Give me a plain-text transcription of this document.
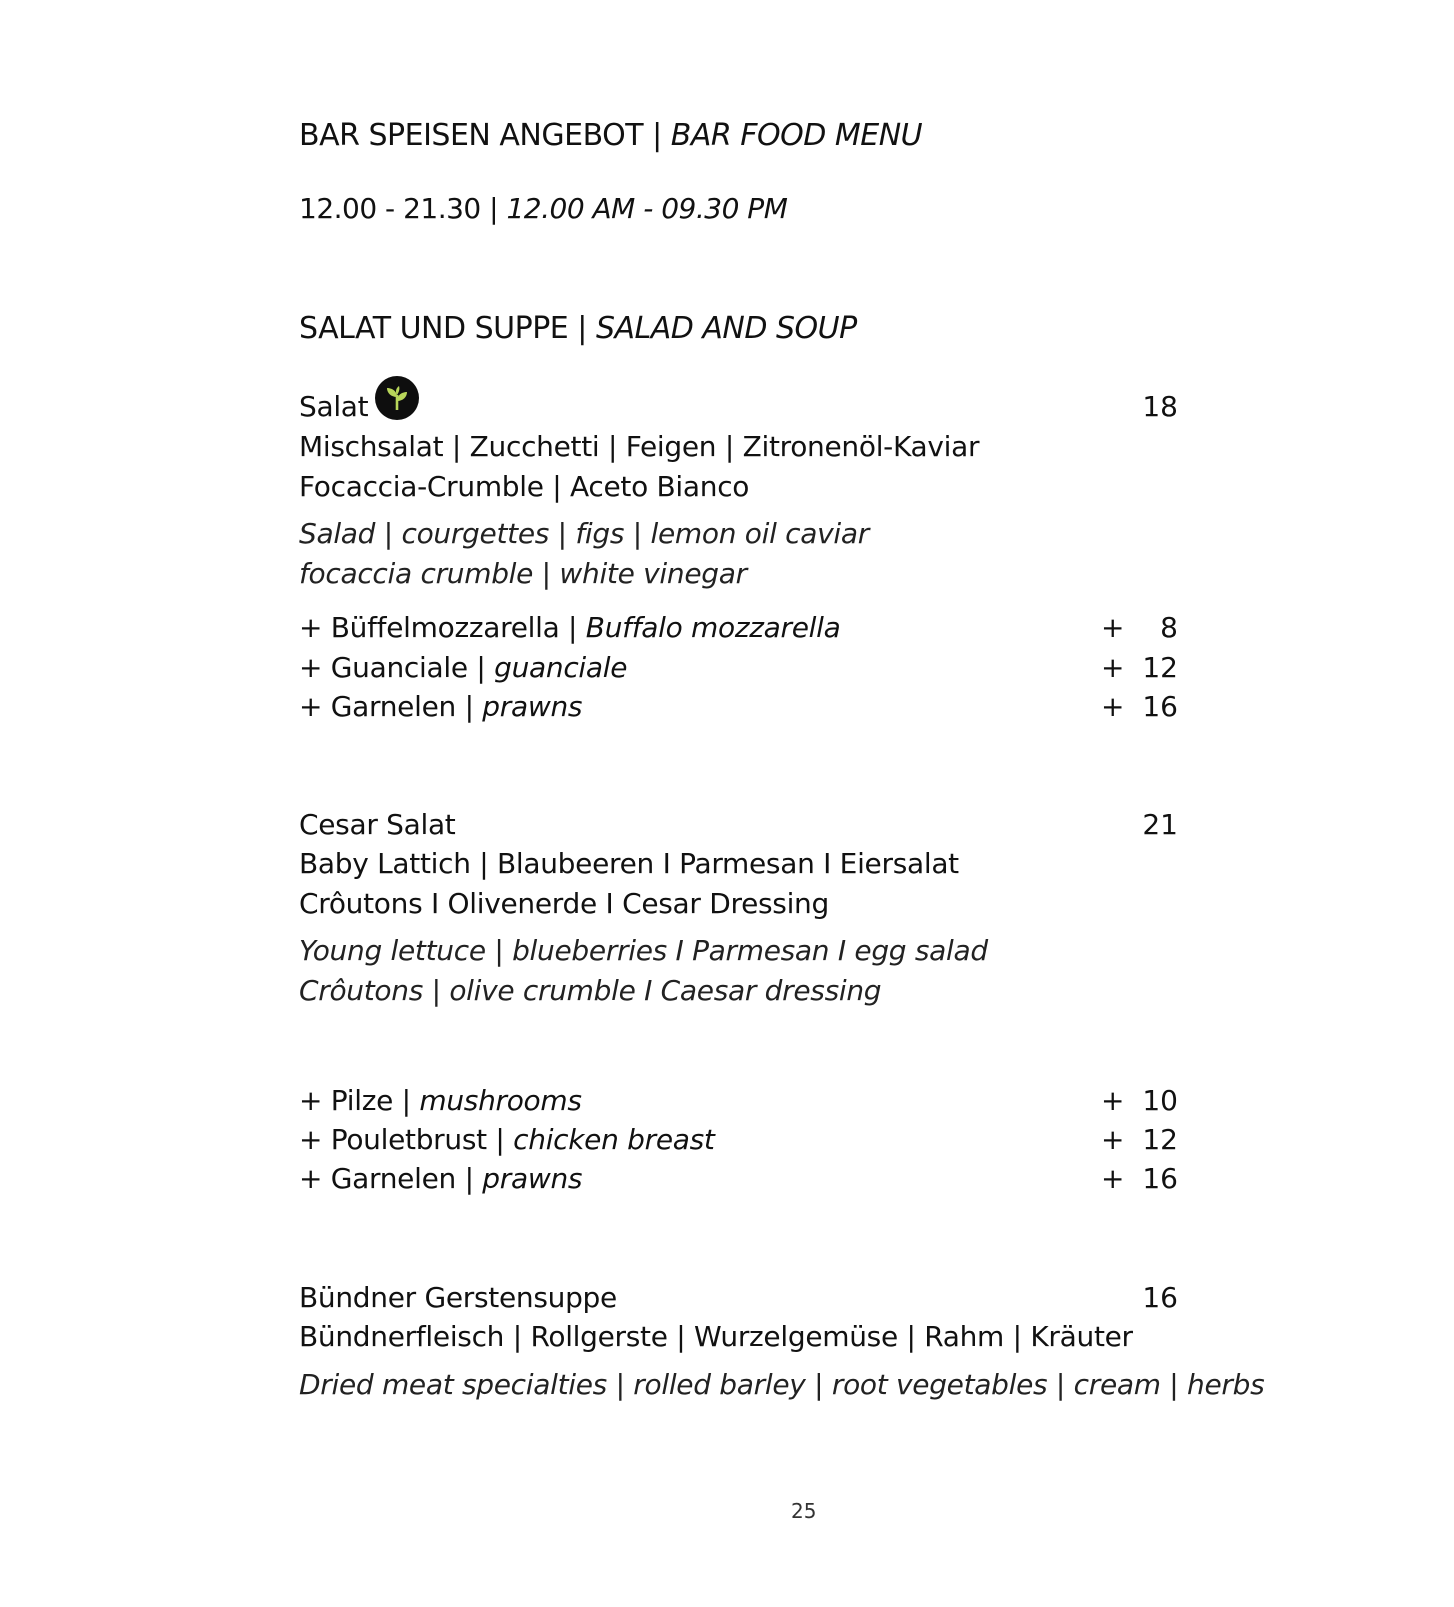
BAR SPEISEN ANGEBOT | BAR FOOD MENU
12.00 - 21.30 | 12.00 AM - 09.30 PM
SALAT UND SUPPE | SALAD AND SOUP
Salat	18
Mischsalat | Zucchetti | Feigen | Zitronenöl-Kaviar
Focaccia-Crumble | Aceto Bianco
Salad | courgettes | figs | lemon oil caviar
focaccia crumble | white vinegar
+ Büffelmozzarella | Buffalo mozzarella	+	8
+ Guanciale | guanciale	+ 12
+ Garnelen | prawns	+ 16
Cesar Salat	21
Baby Lattich | Blaubeeren I Parmesan I Eiersalat
Crôutons I Olivenerde I Cesar Dressing
Young lettuce | blueberries I Parmesan I egg salad
Crôutons | olive crumble I Caesar dressing
+ Pilze | mushrooms	+ 10
+ Pouletbrust | chicken breast	+ 12
+ Garnelen | prawns	+ 16
Bündner Gerstensuppe	16
Bündnerfleisch | Rollgerste | Wurzelgemüse | Rahm | Kräuter
Dried meat specialties | rolled barley | root vegetables | cream | herbs
25
